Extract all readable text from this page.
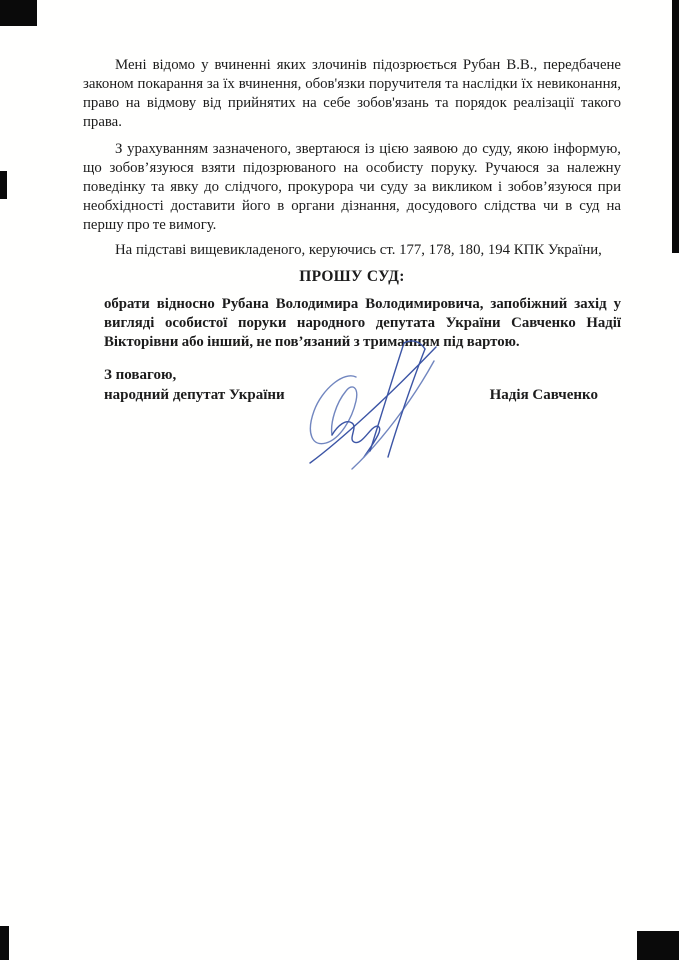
Мені відомо у вчиненні яких злочинів підозрюється Рубан В.В., передбачене
законом покарання за їх вчинення, обов'язки поручителя та наслідки їх невиконання,
право на відмову від прийнятих на себе зобов'язань та порядок реалізації такого
права.
З урахуванням зазначеного, звертаюся із цією заявою до суду, якою інформую,
що зобов’язуюся взяти підозрюваного на особисту поруку. Ручаюся за належну
поведінку та явку до слідчого, прокурора чи суду за викликом і зобов’язуюся при
необхідності доставити його в органи дізнання, досудового слідства чи в суд на
першу про те вимогу.
На підставі вищевикладеного, керуючись ст. 177, 178, 180, 194 КПК України,
ПРОШУ СУД:
обрати відносно Рубана Володимира Володимировича, запобіжний захід у
вигляді особистої поруки народного депутата України Савченко Надії
Вікторівни або інший, не пов’язаний з триманням під вартою.
З повагою,
народний депутат України	Надія Савченко
